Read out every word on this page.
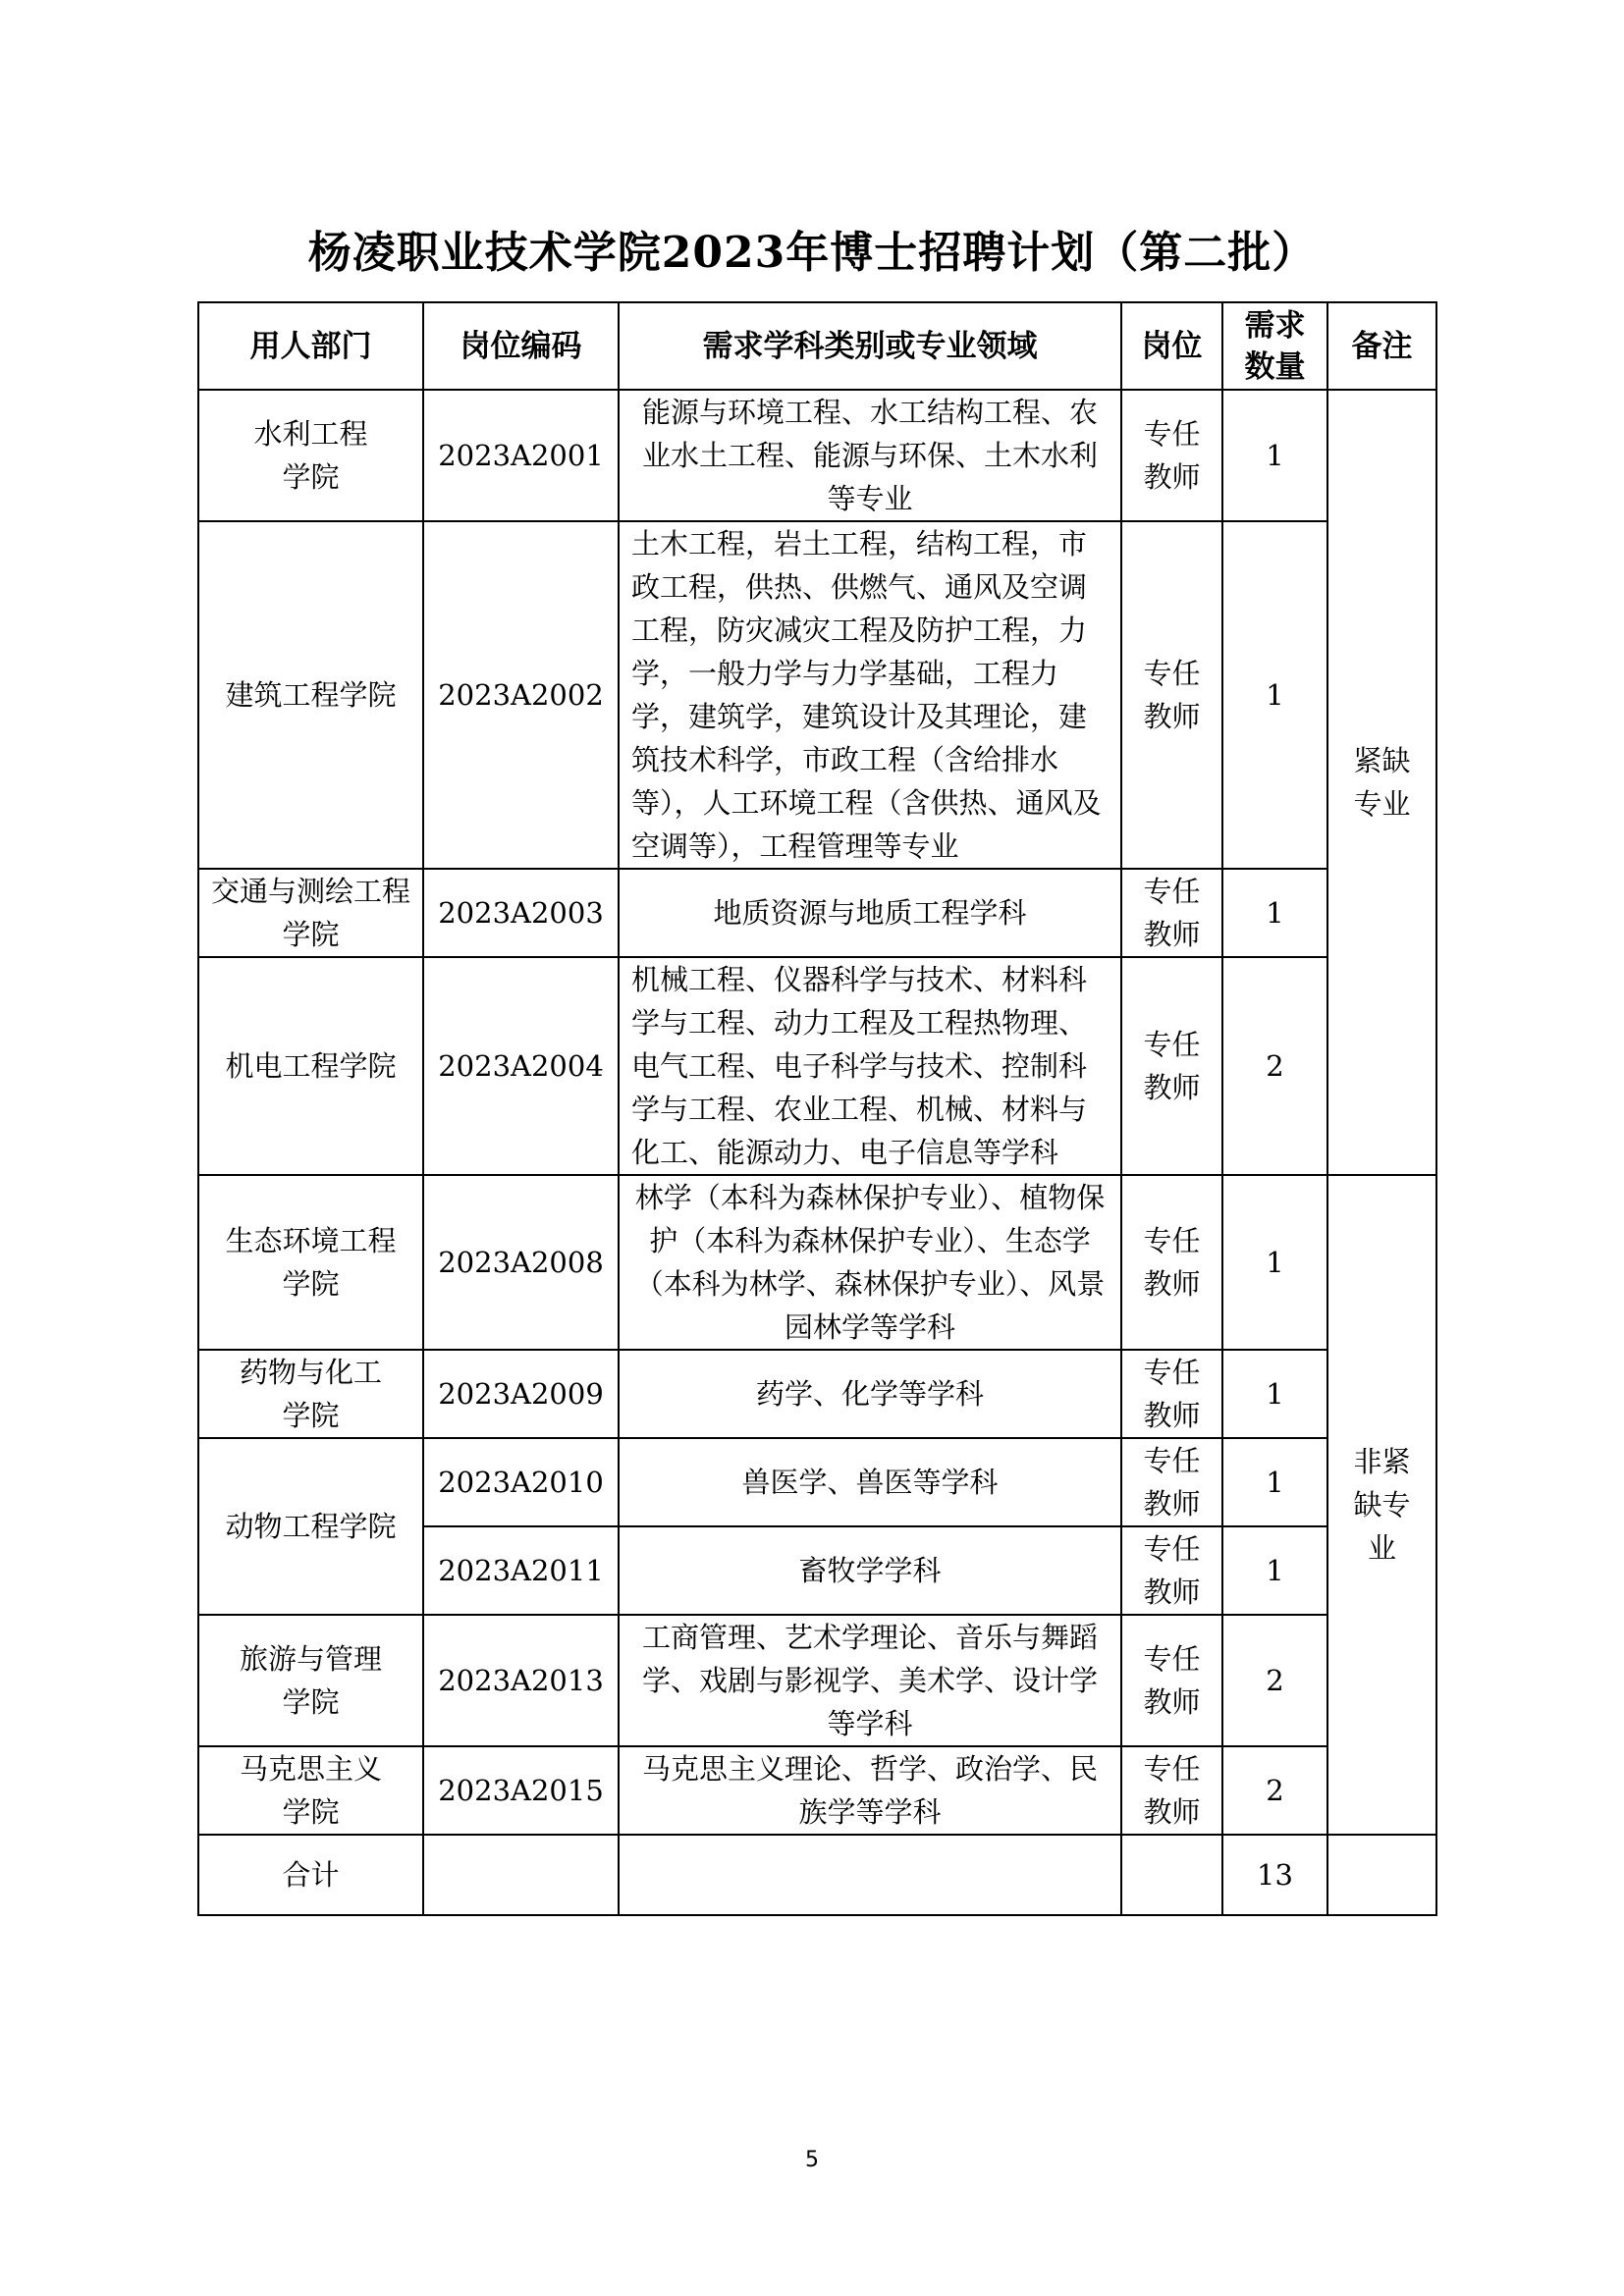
杨凌职业技术学院2023年博士招聘计划（第二批）
用人部门	岗位编码	需求学科类别或专业领域	岗位	需求数量	备注
水利工程学院	2023A2001	能源与环境工程、水工结构工程、农业水土工程、能源与环保、土木水利等专业	专任教师	1	紧缺专业
建筑工程学院	2023A2002	土木工程，岩土工程，结构工程，市政工程，供热、供燃气、通风及空调工程，防灾减灾工程及防护工程，力学，一般力学与力学基础，工程力学，建筑学，建筑设计及其理论，建筑技术科学，市政工程（含给排水等），人工环境工程（含供热、通风及空调等），工程管理等专业	专任教师	1	
交通与测绘工程学院	2023A2003	地质资源与地质工程学科	专任教师	1	
机电工程学院	2023A2004	机械工程、仪器科学与技术、材料科学与工程、动力工程及工程热物理、电气工程、电子科学与技术、控制科学与工程、农业工程、机械、材料与化工、能源动力、电子信息等学科	专任教师	2	
生态环境工程学院	2023A2008	林学（本科为森林保护专业）、植物保护（本科为森林保护专业）、生态学（本科为林学、森林保护专业）、风景园林学等学科	专任教师	1	非紧缺专业
药物与化工学院	2023A2009	药学、化学等学科	专任教师	1	
动物工程学院	2023A2010	兽医学、兽医等学科	专任教师	1	
	2023A2011	畜牧学学科	专任教师	1	
旅游与管理学院	2023A2013	工商管理、艺术学理论、音乐与舞蹈学、戏剧与影视学、美术学、设计学等学科	专任教师	2	
马克思主义学院	2023A2015	马克思主义理论、哲学、政治学、民族学等学科	专任教师	2	
合计				13	
5
